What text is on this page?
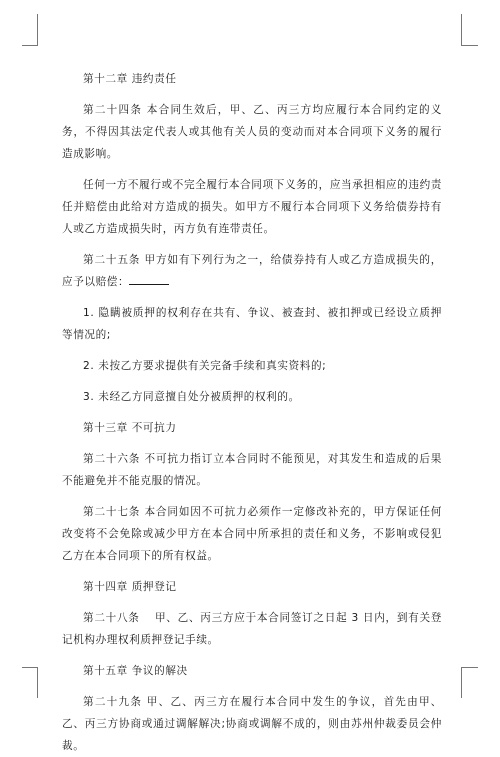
第十二章 违约责任

第二十四条 本合同生效后，甲、乙、丙三方均应履行本合同约定的义务，不得因其法定代表人或其他有关人员的变动而对本合同项下义务的履行造成影响。

任何一方不履行或不完全履行本合同项下义务的，应当承担相应的违约责任并赔偿由此给对方造成的损失。如甲方不履行本合同项下义务给债券持有人或乙方造成损失时，丙方负有连带责任。

第二十五条 甲方如有下列行为之一，给债券持有人或乙方造成损失的，应予以赔偿：

1. 隐瞒被质押的权利存在共有、争议、被查封、被扣押或已经设立质押等情况的;

2. 未按乙方要求提供有关完备手续和真实资料的;

3. 未经乙方同意擅自处分被质押的权利的。

第十三章 不可抗力

第二十六条 不可抗力指订立本合同时不能预见，对其发生和造成的后果不能避免并不能克服的情况。

第二十七条 本合同如因不可抗力必须作一定修改补充的，甲方保证任何改变将不会免除或减少甲方在本合同中所承担的责任和义务，不影响或侵犯乙方在本合同项下的所有权益。

第十四章 质押登记

第二十八条　 甲、乙、丙三方应于本合同签订之日起 3 日内，到有关登记机构办理权利质押登记手续。

第十五章 争议的解决

第二十九条 甲、乙、丙三方在履行本合同中发生的争议，首先由甲、乙、丙三方协商或通过调解解决;协商或调解不成的，则由苏州仲裁委员会仲裁。
